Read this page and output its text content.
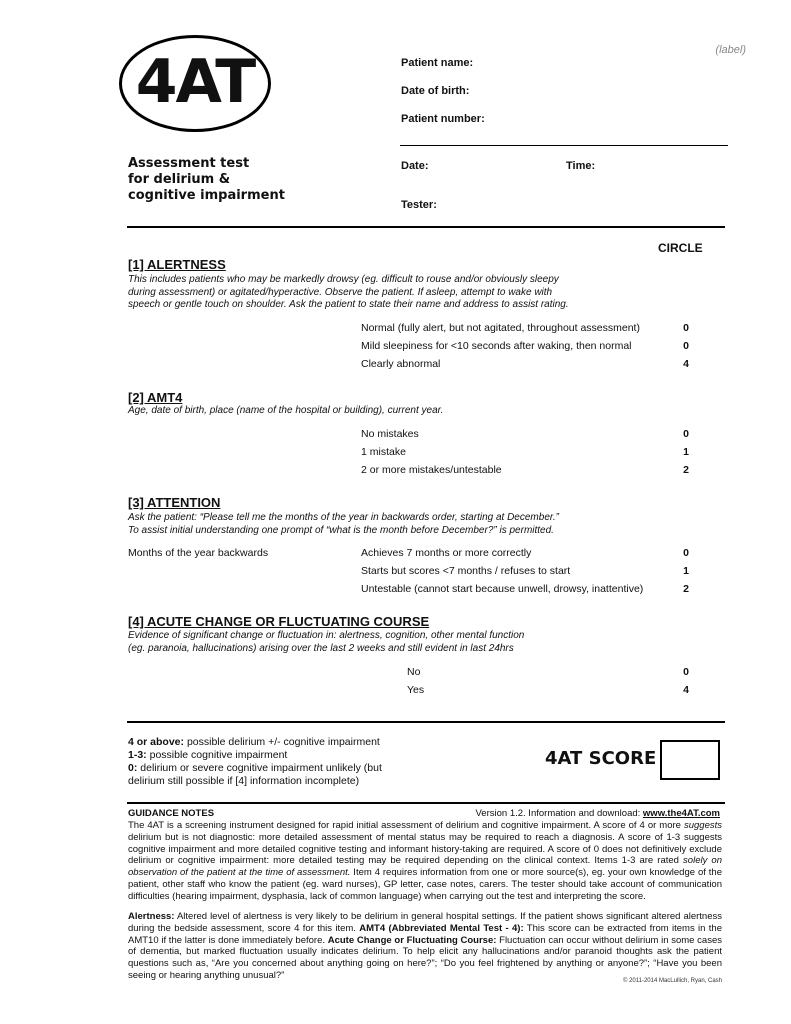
4AT
Assessment test
for delirium &
cognitive impairment
(label)
Patient name:
Date of birth:
Patient number:
Date:	Time:
Tester:
CIRCLE
[1] ALERTNESS
This includes patients who may be markedly drowsy (eg. difficult to rouse and/or obviously sleepy
during assessment) or agitated/hyperactive. Observe the patient. If asleep, attempt to wake with
speech or gentle touch on shoulder. Ask the patient to state their name and address to assist rating.
Normal (fully alert, but not agitated, throughout assessment)	0
Mild sleepiness for <10 seconds after waking, then normal	0
Clearly abnormal	4
[2] AMT4
Age, date of birth, place (name of the hospital or building), current year.
No mistakes	0
1 mistake	1
2 or more mistakes/untestable	2
[3] ATTENTION
Ask the patient: “Please tell me the months of the year in backwards order, starting at December.”
To assist initial understanding one prompt of “what is the month before December?” is permitted.
Months of the year backwards	Achieves 7 months or more correctly	0
Starts but scores <7 months / refuses to start	1
Untestable (cannot start because unwell, drowsy, inattentive)	2
[4] ACUTE CHANGE OR FLUCTUATING COURSE
Evidence of significant change or fluctuation in: alertness, cognition, other mental function
(eg. paranoia, hallucinations) arising over the last 2 weeks and still evident in last 24hrs
No	0
Yes	4
4 or above: possible delirium +/- cognitive impairment
1-3: possible cognitive impairment
0: delirium or severe cognitive impairment unlikely (but delirium still possible if [4] information incomplete)
4AT SCORE
GUIDANCE NOTES	Version 1.2. Information and download: www.the4AT.com
The 4AT is a screening instrument designed for rapid initial assessment of delirium and cognitive impairment. A score of 4 or more suggests delirium but is not diagnostic: more detailed assessment of mental status may be required to reach a diagnosis. A score of 1-3 suggests cognitive impairment and more detailed cognitive testing and informant history-taking are required. A score of 0 does not definitively exclude delirium or cognitive impairment: more detailed testing may be required depending on the clinical context. Items 1-3 are rated solely on observation of the patient at the time of assessment. Item 4 requires information from one or more source(s), eg. your own knowledge of the patient, other staff who know the patient (eg. ward nurses), GP letter, case notes, carers. The tester should take account of communication difficulties (hearing impairment, dysphasia, lack of common language) when carrying out the test and interpreting the score.
Alertness: Altered level of alertness is very likely to be delirium in general hospital settings. If the patient shows significant altered alertness during the bedside assessment, score 4 for this item. AMT4 (Abbreviated Mental Test - 4): This score can be extracted from items in the AMT10 if the latter is done immediately before. Acute Change or Fluctuating Course: Fluctuation can occur without delirium in some cases of dementia, but marked fluctuation usually indicates delirium. To help elicit any hallucinations and/or paranoid thoughts ask the patient questions such as, “Are you concerned about anything going on here?”; “Do you feel frightened by anything or anyone?”; “Have you been seeing or hearing anything unusual?”
© 2011-2014 MacLullich, Ryan, Cash
